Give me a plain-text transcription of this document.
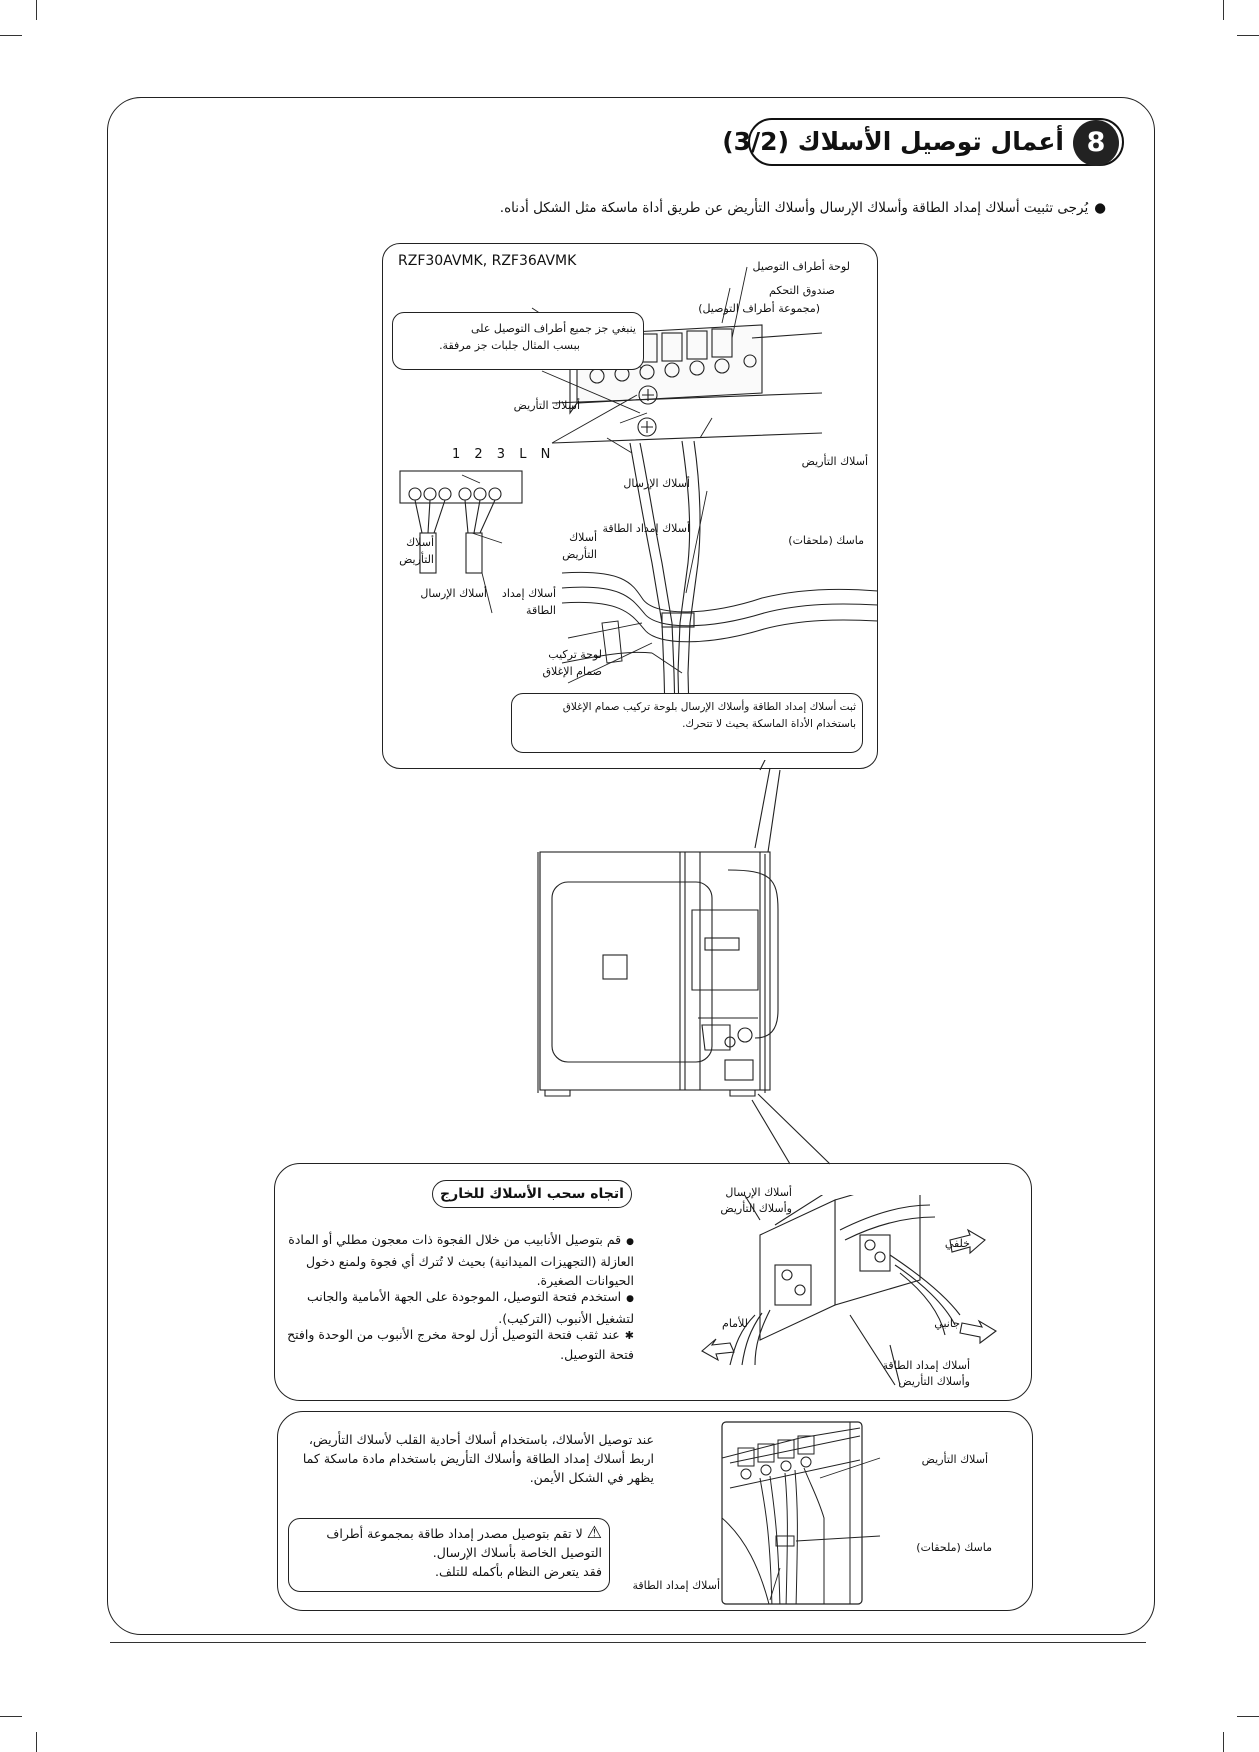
أعمال توصيل الأسلاك (3/2) 8
●يُرجى تثبيت أسلاك إمداد الطاقة وأسلاك الإرسال وأسلاك التأريض عن طريق أداة ماسكة مثل الشكل أدناه.
RZF30AVMK, RZF36AVMK	لوحة أطراف التوصيل
صندوق التحكم
(مجموعة أطراف التوصيل)
ينبغي جز جميع أطراف التوصيل على
ببسب المثال جلبات جز مرفقة.
أسلاك التأريض
1 2 3 L N	أسلاك التأريض
أسلاك الإرسال
أسلاك إمداد الطاقة
ماسك (ملحقات)
أسلاك
التأريض
أسلاك
التأريض
أسلاك الإرسال أسلاك إمداد
الطاقة
لوحة تركيب
صمام الإغلاق
ثبت أسلاك إمداد الطاقة وأسلاك الإرسال بلوحة تركيب صمام الإغلاق
باستخدام الأداة الماسكة بحيث لا تتحرك.
اتجاه سحب الأسلاك للخارج
●قم بتوصيل الأنابيب من خلال الفجوة ذات معجون مطلي أو المادة العازلة (التجهيزات الميدانية) بحيث لا تُترك أي فجوة ولمنع دخول الحيوانات الصغيرة.
●استخدم فتحة التوصيل، الموجودة على الجهة الأمامية والجانب لتشغيل الأنبوب (التركيب).
✱عند ثقب فتحة التوصيل أزل لوحة مخرج الأنبوب من الوحدة وافتح فتحة التوصيل.
أسلاك الإرسال
وأسلاك التأريض
خلفي
للأمام	جانبي
أسلاك إمداد الطاقة
وأسلاك التأريض
عند توصيل الأسلاك، باستخدام أسلاك أحادية القلب لأسلاك التأريض،
اربط أسلاك إمداد الطاقة وأسلاك التأريض باستخدام مادة ماسكة كما
يظهر في الشكل الأيمن.
⚠لا تقم بتوصيل مصدر إمداد طاقة بمجموعة أطراف
التوصيل الخاصة بأسلاك الإرسال.
فقد يتعرض النظام بأكمله للتلف.
أسلاك التأريض
ماسك (ملحقات)
أسلاك إمداد الطاقة
